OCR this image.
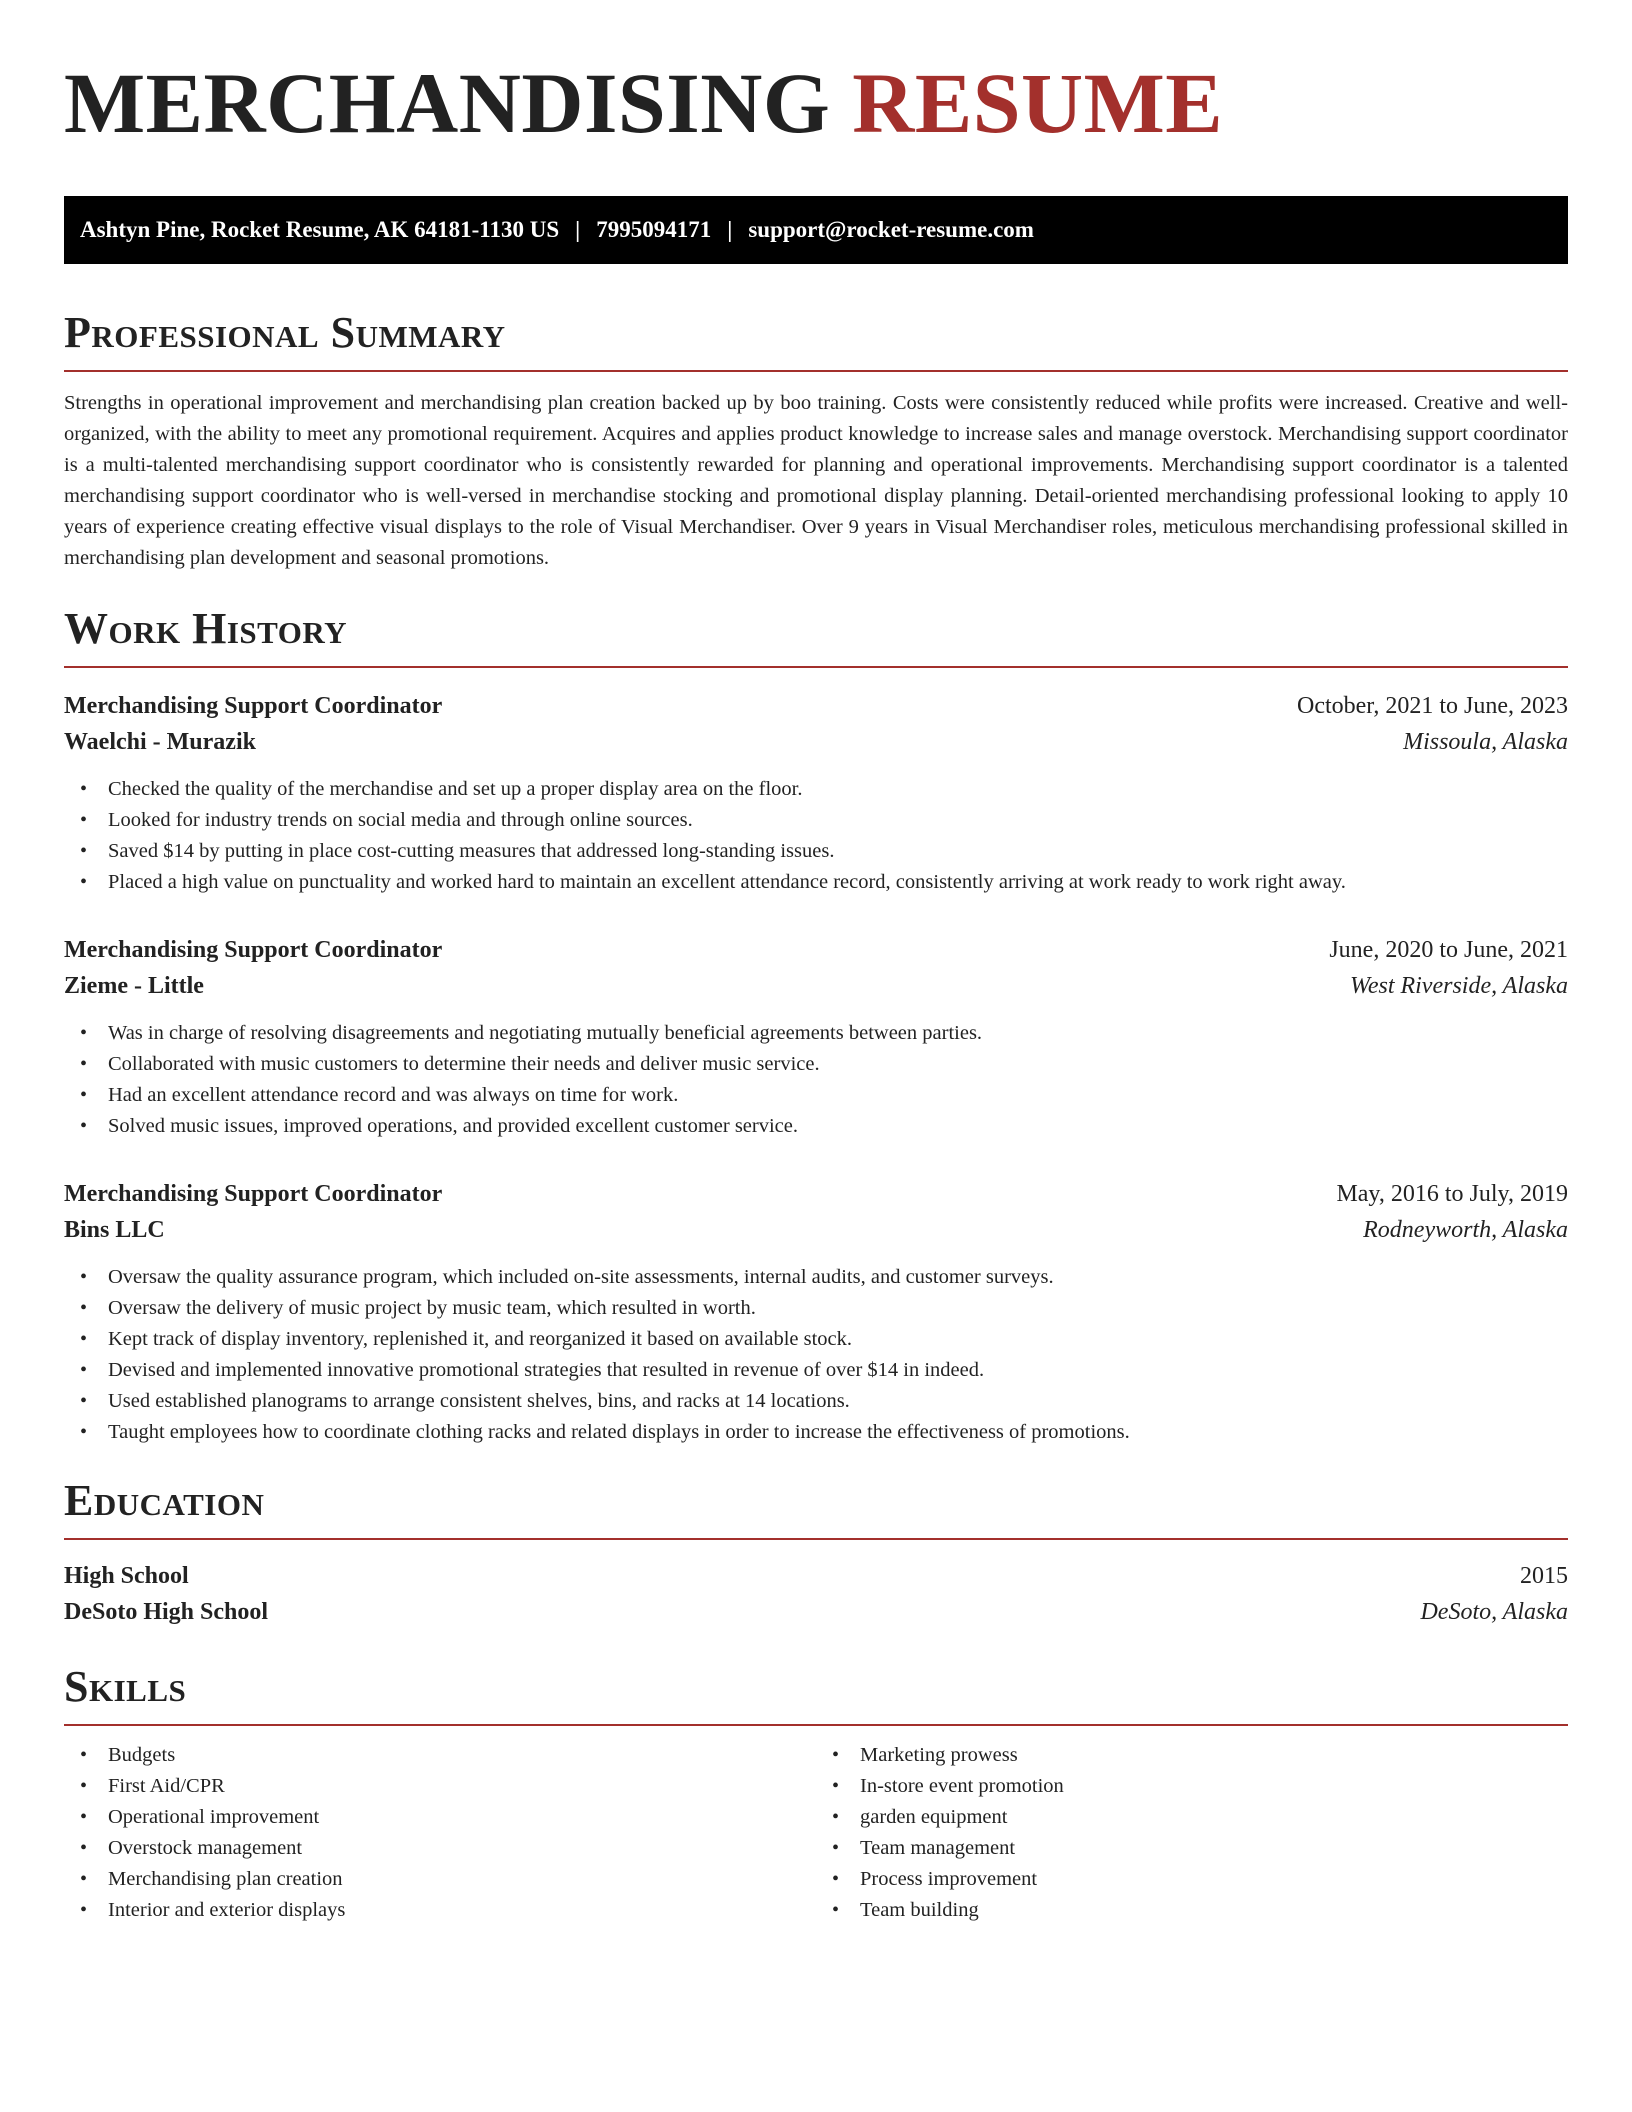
MERCHANDISING RESUME
Ashtyn Pine, Rocket Resume, AK 64181-1130 US | 7995094171 | support@rocket-resume.com
Professional Summary

Strengths in operational improvement and merchandising plan creation backed up by boo training. Costs were consistently reduced while profits were increased. Creative and well-organized, with the ability to meet any promotional requirement. Acquires and applies product knowledge to increase sales and manage overstock. Merchandising support coordinator is a multi-talented merchandising support coordinator who is consistently rewarded for planning and operational improvements. Merchandising support coordinator is a talented merchandising support coordinator who is well-versed in merchandise stocking and promotional display planning. Detail-oriented merchandising professional looking to apply 10 years of experience creating effective visual displays to the role of Visual Merchandiser. Over 9 years in Visual Merchandiser roles, meticulous merchandising professional skilled in merchandising plan development and seasonal promotions.

Work History
Merchandising Support Coordinator	October, 2021 to June, 2023
Waelchi - Murazik	Missoula, Alaska
• Checked the quality of the merchandise and set up a proper display area on the floor.
• Looked for industry trends on social media and through online sources.
• Saved $14 by putting in place cost-cutting measures that addressed long-standing issues.
• Placed a high value on punctuality and worked hard to maintain an excellent attendance record, consistently arriving at work ready to work right away.
Merchandising Support Coordinator	June, 2020 to June, 2021
Zieme - Little	West Riverside, Alaska
• Was in charge of resolving disagreements and negotiating mutually beneficial agreements between parties.
• Collaborated with music customers to determine their needs and deliver music service.
• Had an excellent attendance record and was always on time for work.
• Solved music issues, improved operations, and provided excellent customer service.
Merchandising Support Coordinator	May, 2016 to July, 2019
Bins LLC	Rodneyworth, Alaska
• Oversaw the quality assurance program, which included on-site assessments, internal audits, and customer surveys.
• Oversaw the delivery of music project by music team, which resulted in worth.
• Kept track of display inventory, replenished it, and reorganized it based on available stock.
• Devised and implemented innovative promotional strategies that resulted in revenue of over $14 in indeed.
• Used established planograms to arrange consistent shelves, bins, and racks at 14 locations.
• Taught employees how to coordinate clothing racks and related displays in order to increase the effectiveness of promotions.
Education
High School	2015
DeSoto High School	DeSoto, Alaska
Skills
• Budgets
• First Aid/CPR
• Operational improvement
• Overstock management
• Merchandising plan creation
• Interior and exterior displays
• Marketing prowess
• In-store event promotion
• garden equipment
• Team management
• Process improvement
• Team building
